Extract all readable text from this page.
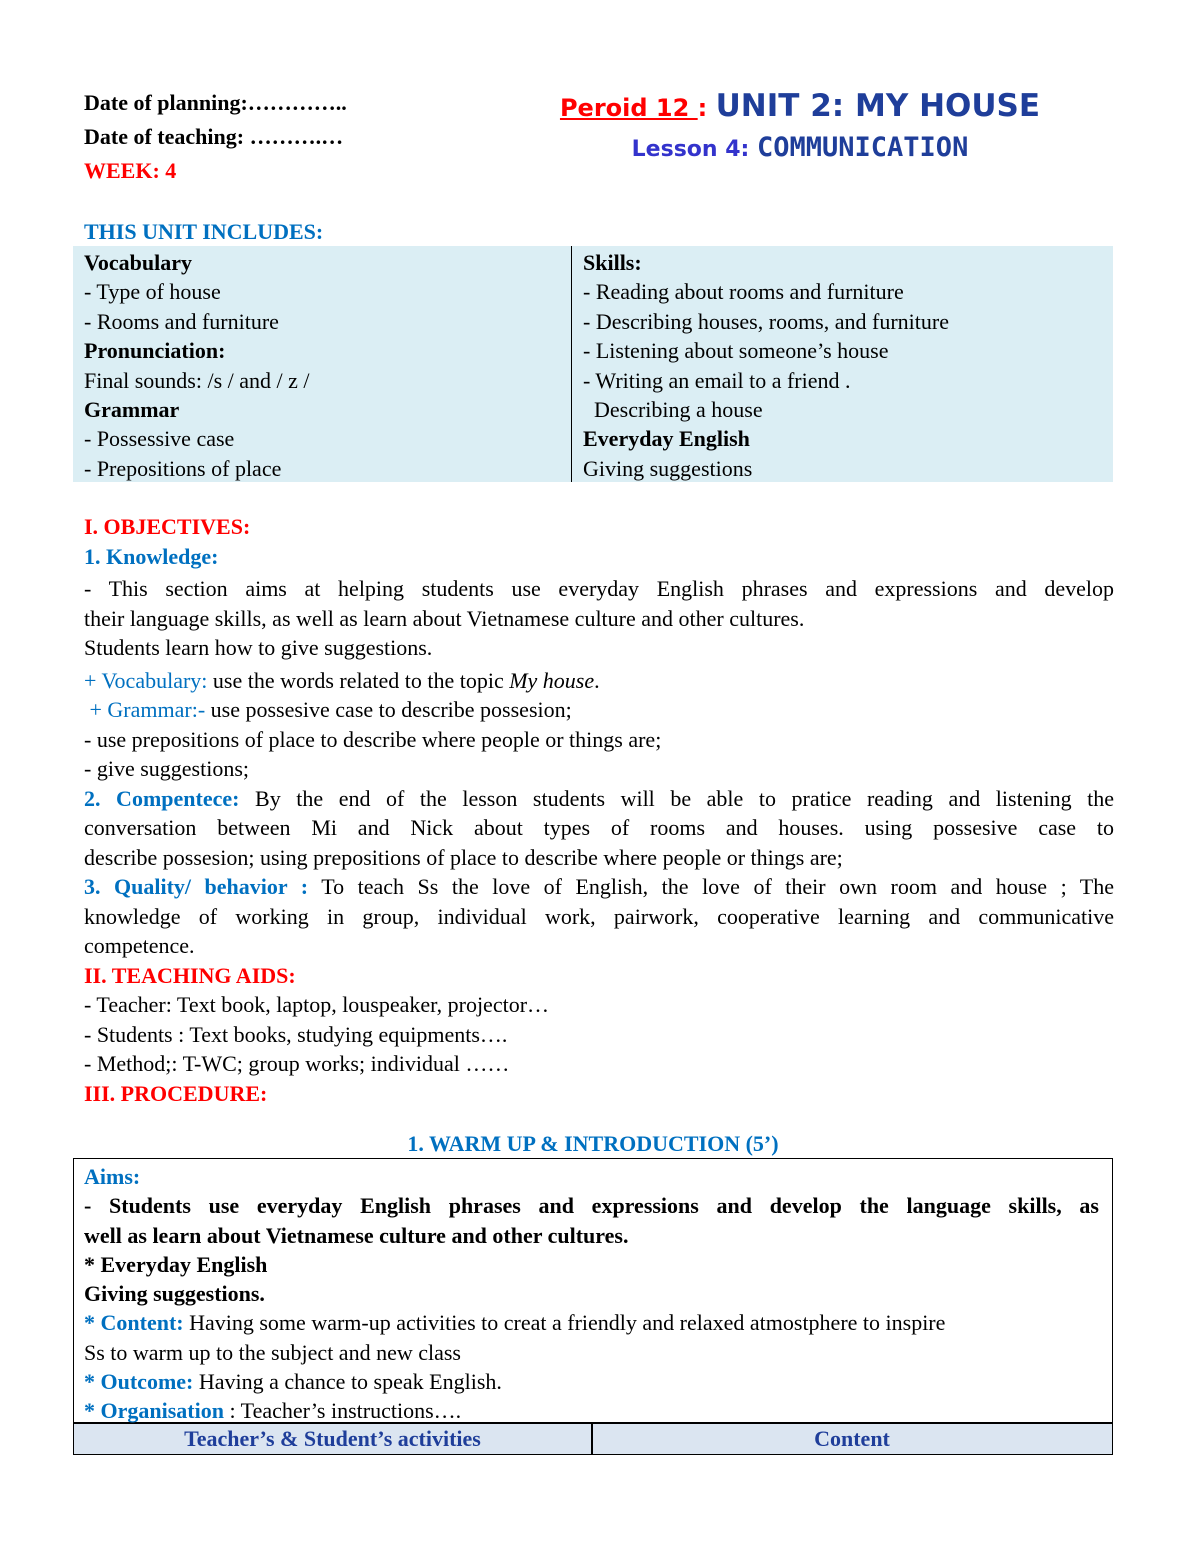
Date of planning:…………..
Date of teaching: ……….…
WEEK: 4
Peroid 12 : UNIT 2: MY HOUSE
Lesson 4: COMMUNICATION
THIS UNIT INCLUDES:
Vocabulary
- Type of house
- Rooms and furniture
Pronunciation:
Final sounds: /s / and / z /
Grammar
- Possessive case
- Prepositions of place
Skills:
- Reading about rooms and furniture
- Describing houses, rooms, and furniture
- Listening about someone’s house
- Writing an email to a friend .
Describing a house
Everyday English
Giving suggestions
I. OBJECTIVES:
1. Knowledge:
- This section aims at helping students use everyday English phrases and expressions and develop
their language skills, as well as learn about Vietnamese culture and other cultures.
Students learn how to give suggestions.
+ Vocabulary: use the words related to the topic My house.
+ Grammar:- use possesive case to describe possesion;
- use prepositions of place to describe where people or things are;
- give suggestions;
2. Compentece: By the end of the lesson students will be able to pratice reading and listening the
conversation between Mi and Nick about types of rooms and houses. using possesive case to
describe possesion; using prepositions of place to describe where people or things are;
3. Quality/ behavior : To teach Ss the love of English, the love of their own room and house ; The
knowledge of working in group, individual work, pairwork, cooperative learning and communicative
competence.
II. TEACHING AIDS:
- Teacher: Text book, laptop, louspeaker, projector…
- Students : Text books, studying equipments….
- Method;: T-WC; group works; individual ……
III. PROCEDURE:
1. WARM UP & INTRODUCTION (5’)
Aims:
- Students use everyday English phrases and expressions and develop the language skills, as
well as learn about Vietnamese culture and other cultures.
* Everyday English
Giving suggestions.
* Content: Having some warm-up activities to creat a friendly and relaxed atmostphere to inspire
Ss to warm up to the subject and new class
* Outcome: Having a chance to speak English.
* Organisation : Teacher’s instructions….
Teacher’s & Student’s activities	Content
